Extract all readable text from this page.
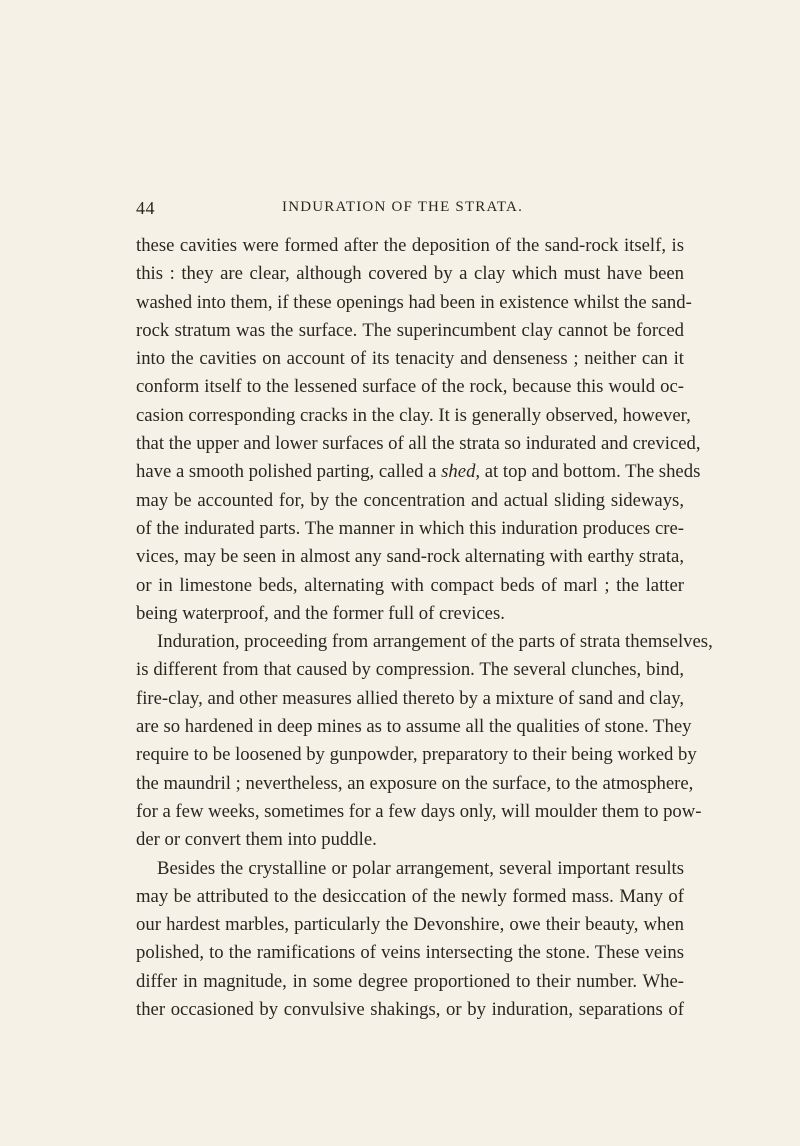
44	INDURATION OF THE STRATA.
these cavities were formed after the deposition of the sand-rock itself, is
this : they are clear, although covered by a clay which must have been
washed into them, if these openings had been in existence whilst the sand-
rock stratum was the surface. The superincumbent clay cannot be forced
into the cavities on account of its tenacity and denseness ; neither can it
conform itself to the lessened surface of the rock, because this would oc-
casion corresponding cracks in the clay. It is generally observed, however,
that the upper and lower surfaces of all the strata so indurated and creviced,
have a smooth polished parting, called a shed, at top and bottom. The sheds
may be accounted for, by the concentration and actual sliding sideways,
of the indurated parts. The manner in which this induration produces cre-
vices, may be seen in almost any sand-rock alternating with earthy strata,
or in limestone beds, alternating with compact beds of marl ; the latter
being waterproof, and the former full of crevices.
Induration, proceeding from arrangement of the parts of strata themselves,
is different from that caused by compression. The several clunches, bind,
fire-clay, and other measures allied thereto by a mixture of sand and clay,
are so hardened in deep mines as to assume all the qualities of stone. They
require to be loosened by gunpowder, preparatory to their being worked by
the maundril ; nevertheless, an exposure on the surface, to the atmosphere,
for a few weeks, sometimes for a few days only, will moulder them to pow-
der or convert them into puddle.
Besides the crystalline or polar arrangement, several important results
may be attributed to the desiccation of the newly formed mass. Many of
our hardest marbles, particularly the Devonshire, owe their beauty, when
polished, to the ramifications of veins intersecting the stone. These veins
differ in magnitude, in some degree proportioned to their number. Whe-
ther occasioned by convulsive shakings, or by induration, separations of
